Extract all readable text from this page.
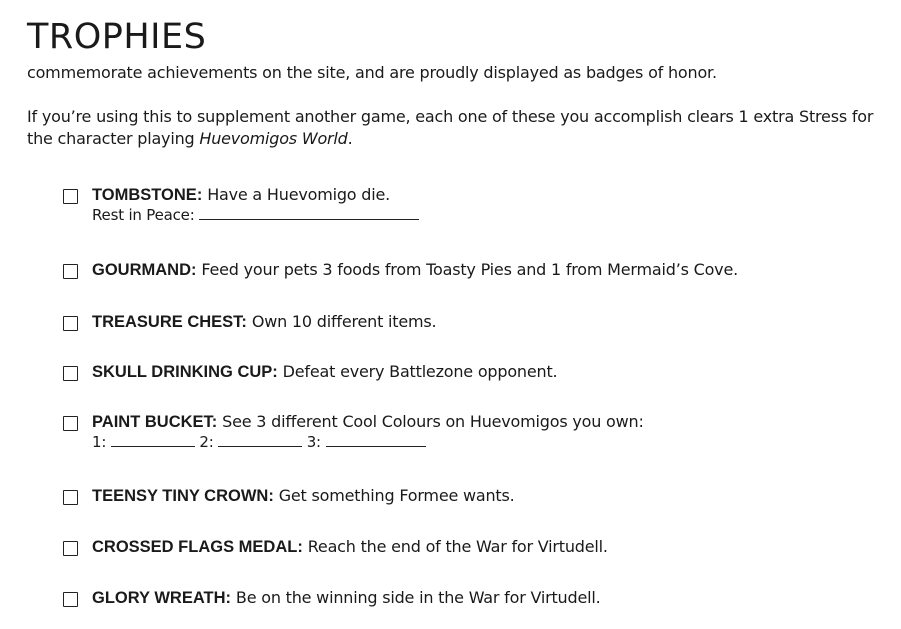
TROPHIES

commemorate achievements on the site, and are proudly displayed as badges of honor.

If you’re using this to supplement another game, each one of these you accomplish clears 1 extra Stress for the character playing Huevomigos World.

TOMBSTONE: Have a Huevomigo die.
Rest in Peace:
GOURMAND: Feed your pets 3 foods from Toasty Pies and 1 from Mermaid’s Cove.
TREASURE CHEST: Own 10 different items.
SKULL DRINKING CUP: Defeat every Battlezone opponent.
PAINT BUCKET: See 3 different Cool Colours on Huevomigos you own:
1:	2:	3:
TEENSY TINY CROWN: Get something Formee wants.
CROSSED FLAGS MEDAL: Reach the end of the War for Virtudell.
GLORY WREATH: Be on the winning side in the War for Virtudell.
